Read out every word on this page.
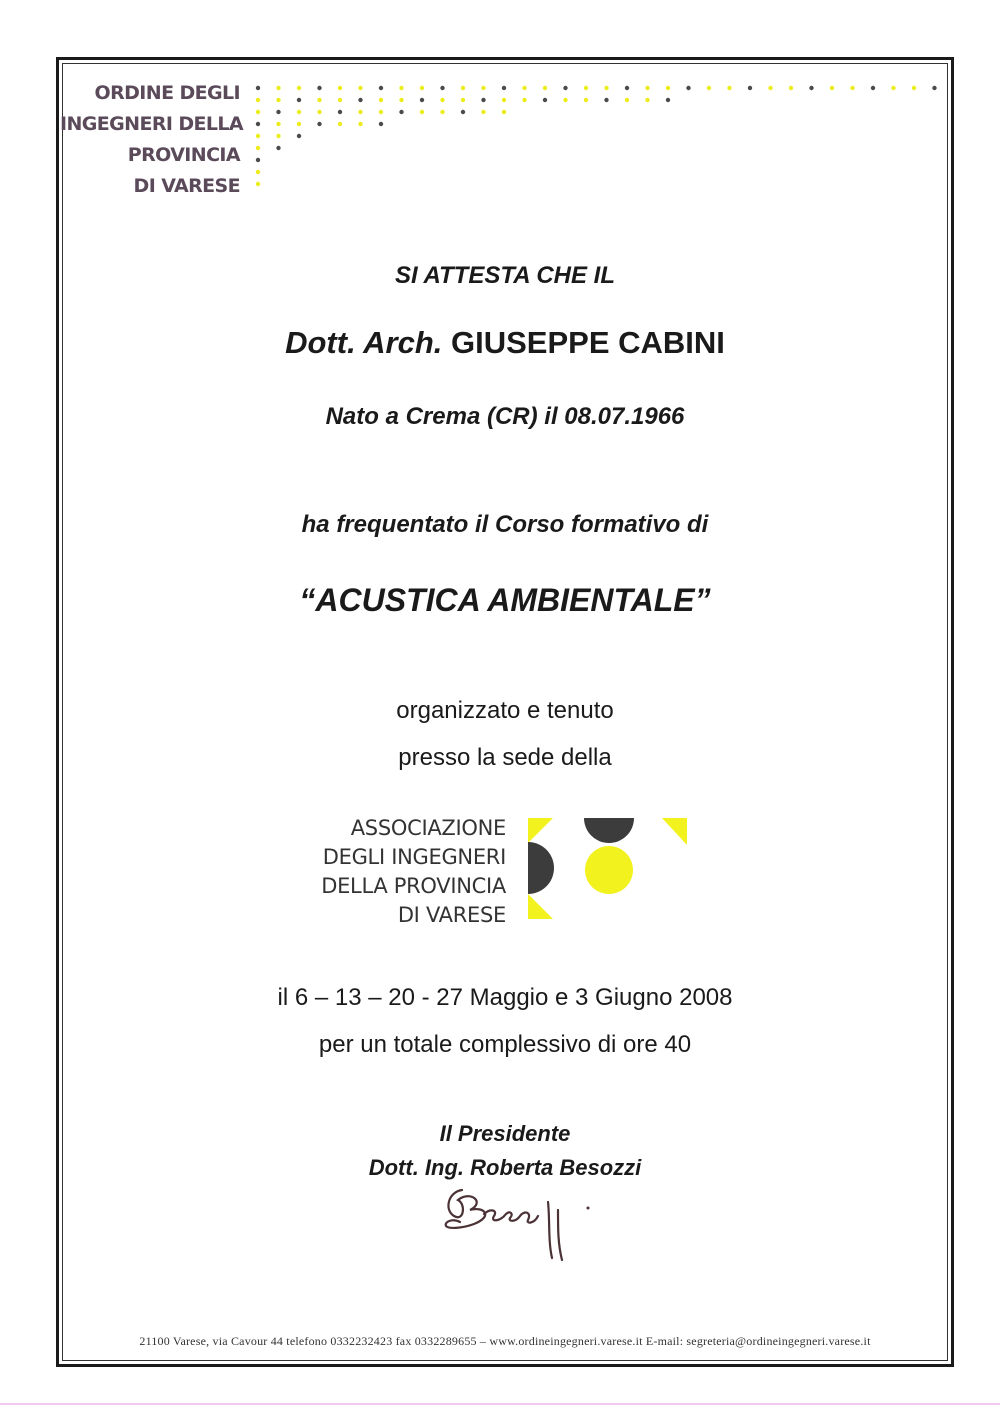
ORDINE DEGLI
INGEGNERI DELLA
PROVINCIA
DI VARESE
SI ATTESTA CHE IL
Dott. Arch. GIUSEPPE CABINI
Nato a Crema (CR) il 08.07.1966
ha frequentato il Corso formativo di
“ACUSTICA AMBIENTALE”
organizzato e tenuto
presso la sede della
ASSOCIAZIONE
DEGLI INGEGNERI
DELLA PROVINCIA
DI VARESE
il 6 – 13 – 20 - 27 Maggio e 3 Giugno 2008
per un totale complessivo di ore 40
Il Presidente
Dott. Ing. Roberta Besozzi
21100 Varese, via Cavour 44 telefono 0332232423 fax 0332289655 – www.ordineingegneri.varese.it E-mail: segreteria@ordineingegneri.varese.it
